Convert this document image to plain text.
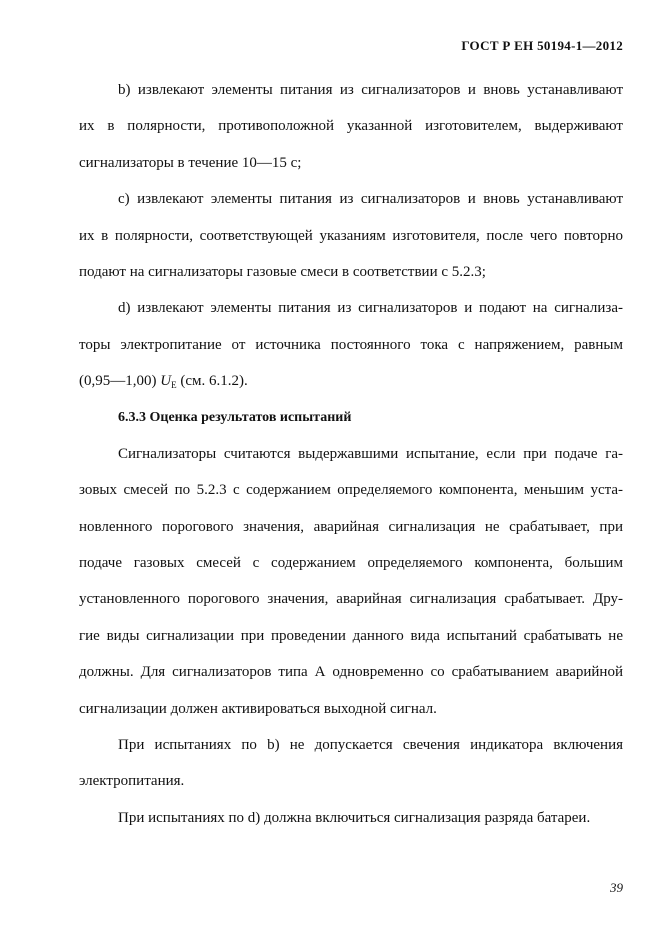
ГОСТ Р ЕН 50194-1—2012
b) извлекают элементы питания из сигнализаторов и вновь устанавливают
их в полярности, противоположной указанной изготовителем, выдерживают
сигнализаторы в течение 10—15 с;
с) извлекают элементы питания из сигнализаторов и вновь устанавливают
их в полярности, соответствующей указаниям изготовителя, после чего повторно
подают на сигнализаторы газовые смеси в соответствии с 5.2.3;
d) извлекают элементы питания из сигнализаторов и подают на сигнализа-
торы электропитание от источника постоянного тока с напряжением, равным
(0,95—1,00) $U_E$ (см. 6.1.2).
6.3.3 Оценка результатов испытаний
Сигнализаторы считаются выдержавшими испытание, если при подаче га-
зовых смесей по 5.2.3 с содержанием определяемого компонента, меньшим уста-
новленного порогового значения, аварийная сигнализация не срабатывает, при
подаче газовых смесей с содержанием определяемого компонента, большим
установленного порогового значения, аварийная сигнализация срабатывает. Дру-
гие виды сигнализации при проведении данного вида испытаний срабатывать не
должны. Для сигнализаторов типа А одновременно со срабатыванием аварийной
сигнализации должен активироваться выходной сигнал.
При испытаниях по b) не допускается свечения индикатора включения
электропитания.
При испытаниях по d) должна включиться сигнализация разряда батареи.
39
